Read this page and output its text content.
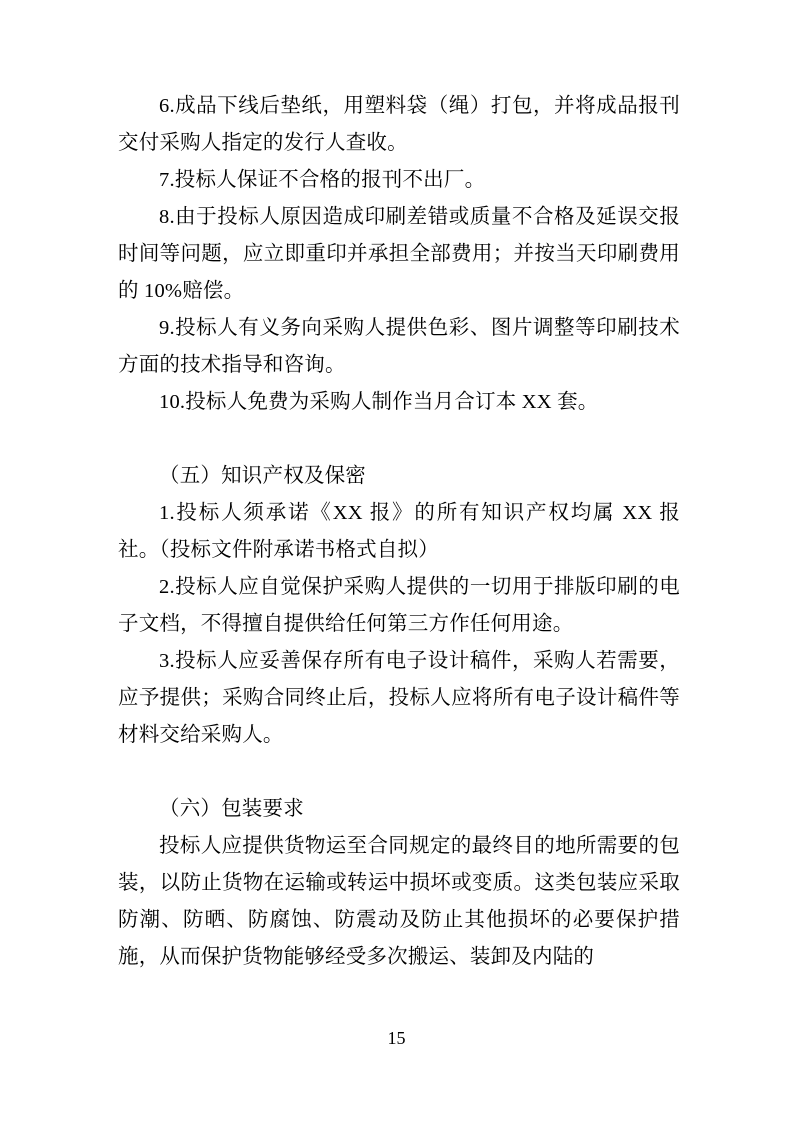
6.成品下线后垫纸，用塑料袋（绳）打包，并将成品报刊交付采购人指定的发行人查收。

7.投标人保证不合格的报刊不出厂。

8.由于投标人原因造成印刷差错或质量不合格及延误交报时间等问题，应立即重印并承担全部费用；并按当天印刷费用的 10%赔偿。

9.投标人有义务向采购人提供色彩、图片调整等印刷技术方面的技术指导和咨询。

10.投标人免费为采购人制作当月合订本 XX 套。

（五）知识产权及保密

1.投标人须承诺《XX 报》的所有知识产权均属 XX 报社。（投标文件附承诺书格式自拟）

2.投标人应自觉保护采购人提供的一切用于排版印刷的电子文档，不得擅自提供给任何第三方作任何用途。

3.投标人应妥善保存所有电子设计稿件，采购人若需要，应予提供；采购合同终止后，投标人应将所有电子设计稿件等材料交给采购人。

（六）包装要求

投标人应提供货物运至合同规定的最终目的地所需要的包装，以防止货物在运输或转运中损坏或变质。这类包装应采取防潮、防晒、防腐蚀、防震动及防止其他损坏的必要保护措施，从而保护货物能够经受多次搬运、装卸及内陆的

15
